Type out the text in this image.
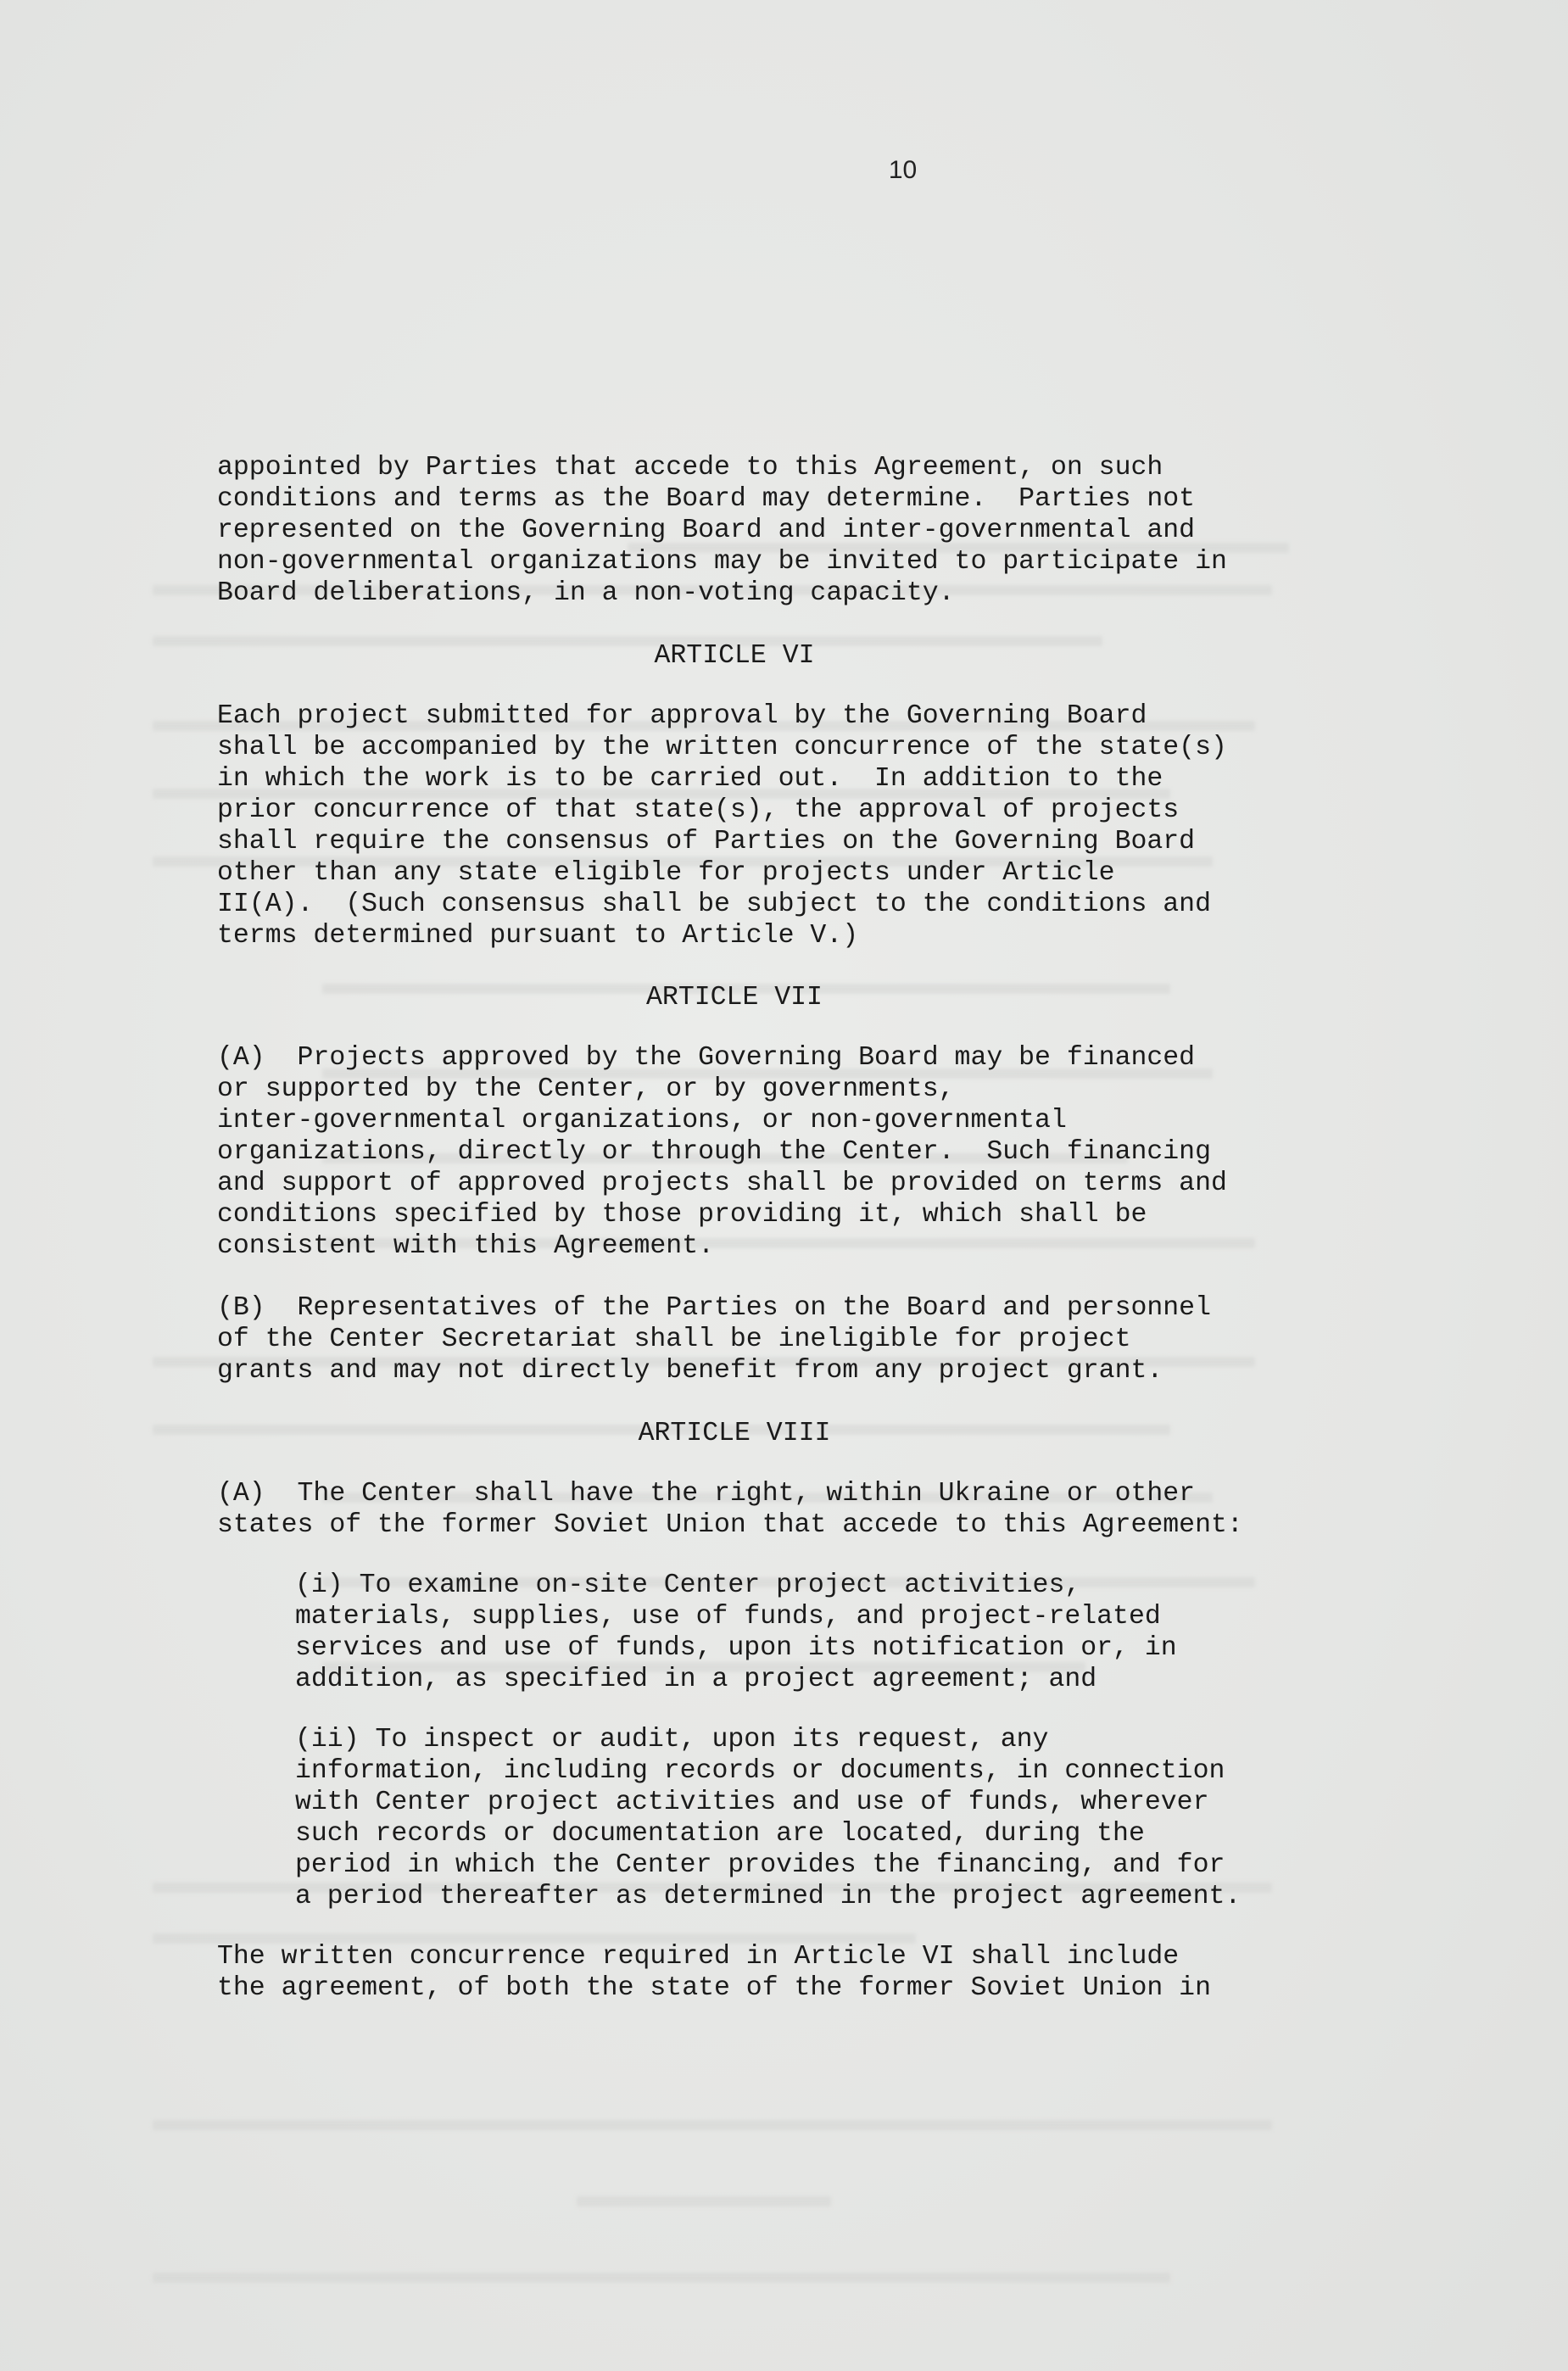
10

appointed by Parties that accede to this Agreement, on such
conditions and terms as the Board may determine.  Parties not
represented on the Governing Board and inter-governmental and
non-governmental organizations may be invited to participate in
Board deliberations, in a non-voting capacity.

ARTICLE VI

Each project submitted for approval by the Governing Board
shall be accompanied by the written concurrence of the state(s)
in which the work is to be carried out.  In addition to the
prior concurrence of that state(s), the approval of projects
shall require the consensus of Parties on the Governing Board
other than any state eligible for projects under Article
II(A).  (Such consensus shall be subject to the conditions and
terms determined pursuant to Article V.)

ARTICLE VII

(A)  Projects approved by the Governing Board may be financed
or supported by the Center, or by governments,
inter-governmental organizations, or non-governmental
organizations, directly or through the Center.  Such financing
and support of approved projects shall be provided on terms and
conditions specified by those providing it, which shall be
consistent with this Agreement.

(B)  Representatives of the Parties on the Board and personnel
of the Center Secretariat shall be ineligible for project
grants and may not directly benefit from any project grant.

ARTICLE VIII

(A)  The Center shall have the right, within Ukraine or other
states of the former Soviet Union that accede to this Agreement:

(i) To examine on-site Center project activities,
materials, supplies, use of funds, and project-related
services and use of funds, upon its notification or, in
addition, as specified in a project agreement; and

(ii) To inspect or audit, upon its request, any
information, including records or documents, in connection
with Center project activities and use of funds, wherever
such records or documentation are located, during the
period in which the Center provides the financing, and for
a period thereafter as determined in the project agreement.

The written concurrence required in Article VI shall include
the agreement, of both the state of the former Soviet Union in
